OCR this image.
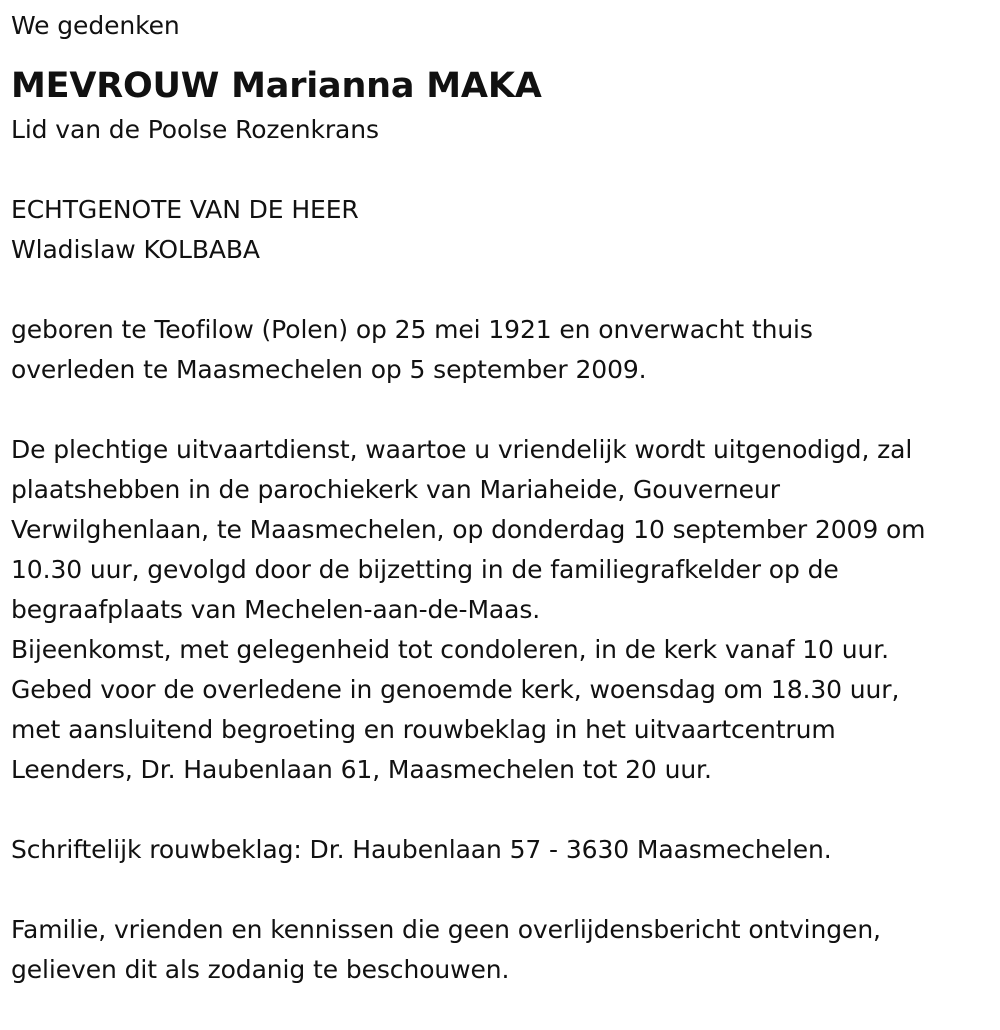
We gedenken
MEVROUW Marianna MAKA
Lid van de Poolse Rozenkrans
ECHTGENOTE VAN DE HEER
Wladislaw KOLBABA
geboren te Teofilow (Polen) op 25 mei 1921 en onverwacht thuis
overleden te Maasmechelen op 5 september 2009.
De plechtige uitvaartdienst, waartoe u vriendelijk wordt uitgenodigd, zal
plaatshebben in de parochiekerk van Mariaheide, Gouverneur
Verwilghenlaan, te Maasmechelen, op donderdag 10 september 2009 om
10.30 uur, gevolgd door de bijzetting in de familiegrafkelder op de
begraafplaats van Mechelen-aan-de-Maas.
Bijeenkomst, met gelegenheid tot condoleren, in de kerk vanaf 10 uur.
Gebed voor de overledene in genoemde kerk, woensdag om 18.30 uur,
met aansluitend begroeting en rouwbeklag in het uitvaartcentrum
Leenders, Dr. Haubenlaan 61, Maasmechelen tot 20 uur.
Schriftelijk rouwbeklag: Dr. Haubenlaan 57 - 3630 Maasmechelen.
Familie, vrienden en kennissen die geen overlijdensbericht ontvingen,
gelieven dit als zodanig te beschouwen.
